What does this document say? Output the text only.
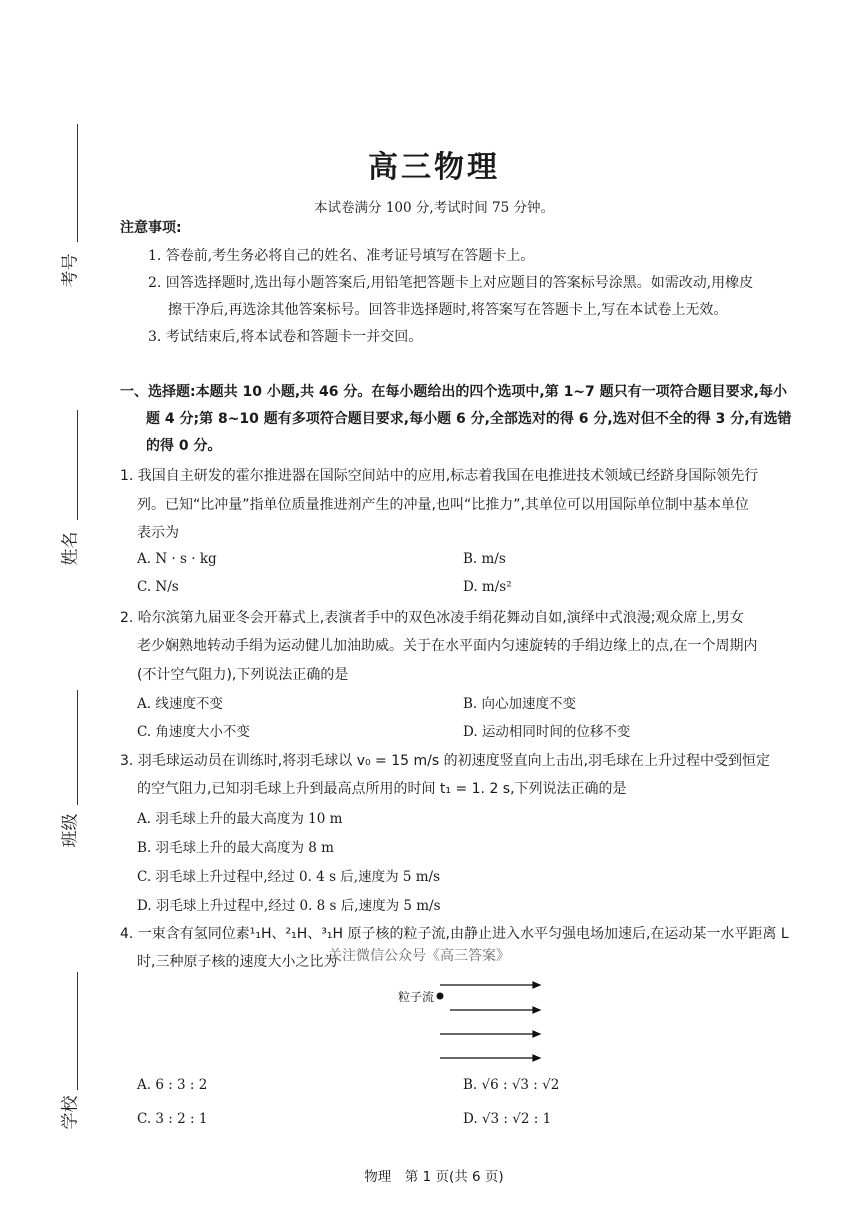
考号
姓名
班级
学校
高三物理
本试卷满分 100 分,考试时间 75 分钟。
注意事项:
1. 答卷前,考生务必将自己的姓名、准考证号填写在答题卡上。
2. 回答选择题时,选出每小题答案后,用铅笔把答题卡上对应题目的答案标号涂黑。如需改动,用橡皮
擦干净后,再选涂其他答案标号。回答非选择题时,将答案写在答题卡上,写在本试卷上无效。
3. 考试结束后,将本试卷和答题卡一并交回。
一、选择题:本题共 10 小题,共 46 分。在每小题给出的四个选项中,第 1~7 题只有一项符合题目要求,每小
题 4 分;第 8~10 题有多项符合题目要求,每小题 6 分,全部选对的得 6 分,选对但不全的得 3 分,有选错
的得 0 分。
1. 我国自主研发的霍尔推进器在国际空间站中的应用,标志着我国在电推进技术领域已经跻身国际领先行
列。已知“比冲量”指单位质量推进剂产生的冲量,也叫“比推力”,其单位可以用国际单位制中基本单位
表示为
A. N · s · kg	B. m/s
C. N/s	D. m/s²
2. 哈尔滨第九届亚冬会开幕式上,表演者手中的双色冰凌手绢花舞动自如,演绎中式浪漫;观众席上,男女
老少娴熟地转动手绢为运动健儿加油助威。关于在水平面内匀速旋转的手绢边缘上的点,在一个周期内
(不计空气阻力),下列说法正确的是
A. 线速度不变	B. 向心加速度不变
C. 角速度大小不变	D. 运动相同时间的位移不变
3. 羽毛球运动员在训练时,将羽毛球以 v₀ = 15 m/s 的初速度竖直向上击出,羽毛球在上升过程中受到恒定
的空气阻力,已知羽毛球上升到最高点所用的时间 t₁ = 1. 2 s,下列说法正确的是
A. 羽毛球上升的最大高度为 10 m
B. 羽毛球上升的最大高度为 8 m
C. 羽毛球上升过程中,经过 0. 4 s 后,速度为 5 m/s
D. 羽毛球上升过程中,经过 0. 8 s 后,速度为 5 m/s
4. 一束含有氢同位素¹₁H、²₁H、³₁H 原子核的粒子流,由静止进入水平匀强电场加速后,在运动某一水平距离 L
时,三种原子核的速度大小之比为
关注微信公众号《高三答案》
粒子流
A. 6 : 3 : 2	B. √6 : √3 : √2
C. 3 : 2 : 1	D. √3 : √2 : 1
物理　第 1 页(共 6 页)
